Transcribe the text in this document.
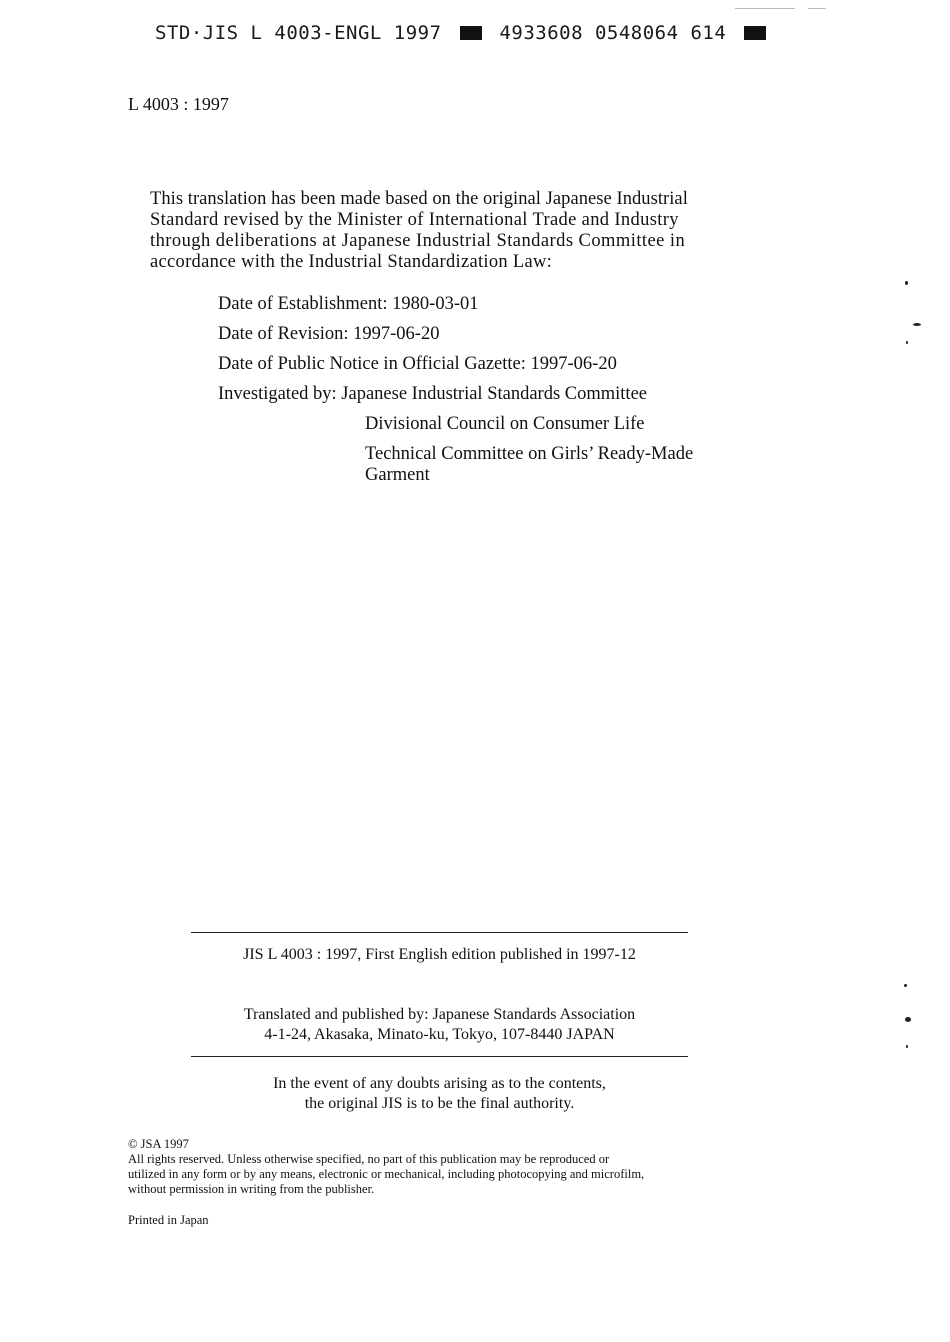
STD·JIS L 4003-ENGL 1997	4933608 0548064 614
L 4003 : 1997

This translation has been made based on the original Japanese Industrial

Standard revised by the Minister of International Trade and Industry

through deliberations at Japanese Industrial Standards Committee in

accordance with the Industrial Standardization Law:

Date of Establishment: 1980-03-01
Date of Revision: 1997-06-20
Date of Public Notice in Official Gazette: 1997-06-20
Investigated by: Japanese Industrial Standards Committee
Divisional Council on Consumer Life
Technical Committee on Girls’ Ready-Made
Garment
JIS L 4003 : 1997, First English edition published in 1997-12
Translated and published by: Japanese Standards Association
4-1-24, Akasaka, Minato-ku, Tokyo, 107-8440 JAPAN
In the event of any doubts arising as to the contents,
the original JIS is to be the final authority.

© JSA 1997

All rights reserved. Unless otherwise specified, no part of this publication may be reproduced or

utilized in any form or by any means, electronic or mechanical, including photocopying and microfilm,

without permission in writing from the publisher.

Printed in Japan
